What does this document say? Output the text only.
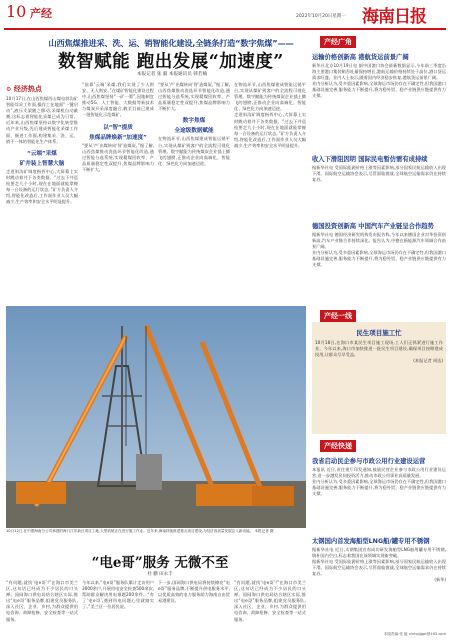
10 产经	2022年10月20日星期一 海南日报
山西焦煤推进采、洗、运、销智能化建设,全链条打造“数字焦煤”——
数智赋能 跑出发展“加速度”
本报记者 张 毅 本报通讯员 韩若楠
⚙ 经济热点

10月17日,在山西焦煤西山煤电斜沟矿智能综采工作面,操作工在地面“一键启动”,液压支架随之移动,采煤机自动截割,这标志着智能化采煤已成为日常。近年来,山西焦煤坚持以数字化转型推动产业升级,先后建成智能化采煤工作面、掘进工作面,构建集采、洗、运、销于一体的智能化生产体系。

“云端”采煤
矿井装上智慧大脑

走进斜沟矿调度指挥中心,大屏幕上实时跳动着井下各类数据。“过去下井巡检要走几个小时,现在在地面就能掌握每一台设备的运行状态。”矿方负责人介绍,智能化改造后,工作面作业人员大幅减少,生产效率和安全水平明显提升。

“依靠‘云端’采煤,我们实现了少人则安、无人则安。”在煤矿智能化建设过程中,山西焦煤坚持“一矿一策”,因地制宜推动5G、人工智能、大数据等新技术与煤炭开采深度融合,截至目前已建成一批智能化示范煤矿。

以“智”提质
焦煤品牌焕新“加速度”

“要从‘产’出煤转向‘智’造煤炭。”据了解,山西焦煤推动洗选环节智能化改造,通过智能分选系统,实现精煤回收率、产品质量稳定性双提升,焦煤品牌影响力不断扩大。

“要从‘产’出煤转向‘智’造煤炭。”据了解,山西焦煤推动洗选环节智能化改造,通过智能分选系统,实现精煤回收率、产品质量稳定性双提升,焦煤品牌影响力不断扩大。

数字焦煤
全途级数据赋能

在物流环节,山西焦煤建成智能运销平台,实现从煤矿到客户的全流程可视化管理。数字赋能为传统煤炭企业插上腾飞的翅膀,正推动企业向高端化、智能化、绿色化方向加速迈进。

在物流环节,山西焦煤建成智能运销平台,实现从煤矿到客户的全流程可视化管理。数字赋能为传统煤炭企业插上腾飞的翅膀,正推动企业向高端化、智能化、绿色化方向加速迈进。

走进斜沟矿调度指挥中心,大屏幕上实时跳动着井下各类数据。“过去下井巡检要走几个小时,现在在地面就能掌握每一台设备的运行状态。”矿方负责人介绍,智能化改造后,工作面作业人员大幅减少,生产效率和安全水平明显提升。

10月12日,在中建海南分公司承建的海口江东新区项目工地,大型机械正在进行施工作业。近年来,海南持续推进重点项目建设,为经济高质量发展注入新动能。 本报记者 摄
“电e哥”服务 无微不至
杜 鹏 田永丰

“有问题,就找‘电e哥’!”在海口市美兰区,这句话已经成为不少居民的口头禅。国网海口供电局结合辖区实际,推出“电e哥”服务品牌,组建党员服务队,深入社区、企业、乡村,为群众提供用电咨询、故障抢修、安全检查等一站式服务。

今年以来,“电e哥”服务队累计走访用户3000余户,开展用电安全检查500余次,帮助群众解决用电难题200余件。“有了‘电e哥’,遇到用电问题心里就踏实了。”美兰区一位居民说。

下一步,国网海口供电局将持续擦亮“电e哥”服务品牌,不断提升供电服务水平,以优质高效的电力服务助力海南自由贸易港建设。

“有问题,就找‘电e哥’!”在海口市美兰区,这句话已经成为不少居民的口头禅。国网海口供电局结合辖区实际,推出“电e哥”服务品牌,组建党员服务队,深入社区、企业、乡村,为群众提供用电咨询、故障抢修、安全检查等一站式服务。

产经广角
运输价格创新高 港航货运前景广阔

新华社北京10月19日电 据中国港口协会最新数据显示,今年前三季度沿海主要港口集装箱吞吐量保持增长,港航运输价格持续处于高位,港口货运需求旺盛。业内人士表示,随着国内经济稳步恢复,港航货运前景广阔。

业内分析认为,受多重因素影响,全球海运市场仍存在不确定性,但我国港口基础设施完善,服务能力不断提升,将为稳外贸、稳产业链供应链提供有力支撑。

收入下滑阻因明 国际民电暂仿需有成持续

据新华社电 受国际能源价格上涨等因素影响,部分国家民航运输收入出现下滑。国际航空运输协会表示,尽管面临挑战,全球航空运输需求仍在持续复苏。

德国投资创新高 中国汽车产业链呈合作趋势

据新华社电 德国经济研究机构发布报告称,今年以来德国企业对华投资创新高,汽车产业链合作持续深化。报告认为,中德在新能源汽车领域合作前景广阔。

业内分析认为,受多重因素影响,全球海运市场仍存在不确定性,但我国港口基础设施完善,服务能力不断提升,将为稳外贸、稳产业链供应链提供有力支撑。

产经一线
民生项目施工忙

10月18日,在海口市某民生项目施工现场,工人们正抓紧进行施工作业。今年以来,海口市加快推进一批民生项目建设,确保项目按期建成投用,让群众尽早受益。

(本报记者 周达)

产经快递
我省启动民企参与市政公用行业建设运营

本报讯 近日,省住建厅印发通知,鼓励民营企业参与市政公用行业建设运营,进一步激发民间投资活力,推动市政公用事业高质量发展。

业内分析认为,受多重因素影响,全球海运市场仍存在不确定性,但我国港口基础设施完善,服务能力不断提升,将为稳外贸、稳产业链供应链提供有力支撑。

太钢国内首发海船型LNG船/罐专用不锈钢

据新华社电 近日,太钢集团宣布成功研发海船型LNG船用罐专用不锈钢,填补国内空白,标志着我国在该领域实现新突破。

据新华社电 受国际能源价格上涨等因素影响,部分国家民航运输收入出现下滑。国际航空运输协会表示,尽管面临挑战,全球航空运输需求仍在持续复苏。

(新华)

本版责编:张 毅 xinhpjjgpt@163.com
